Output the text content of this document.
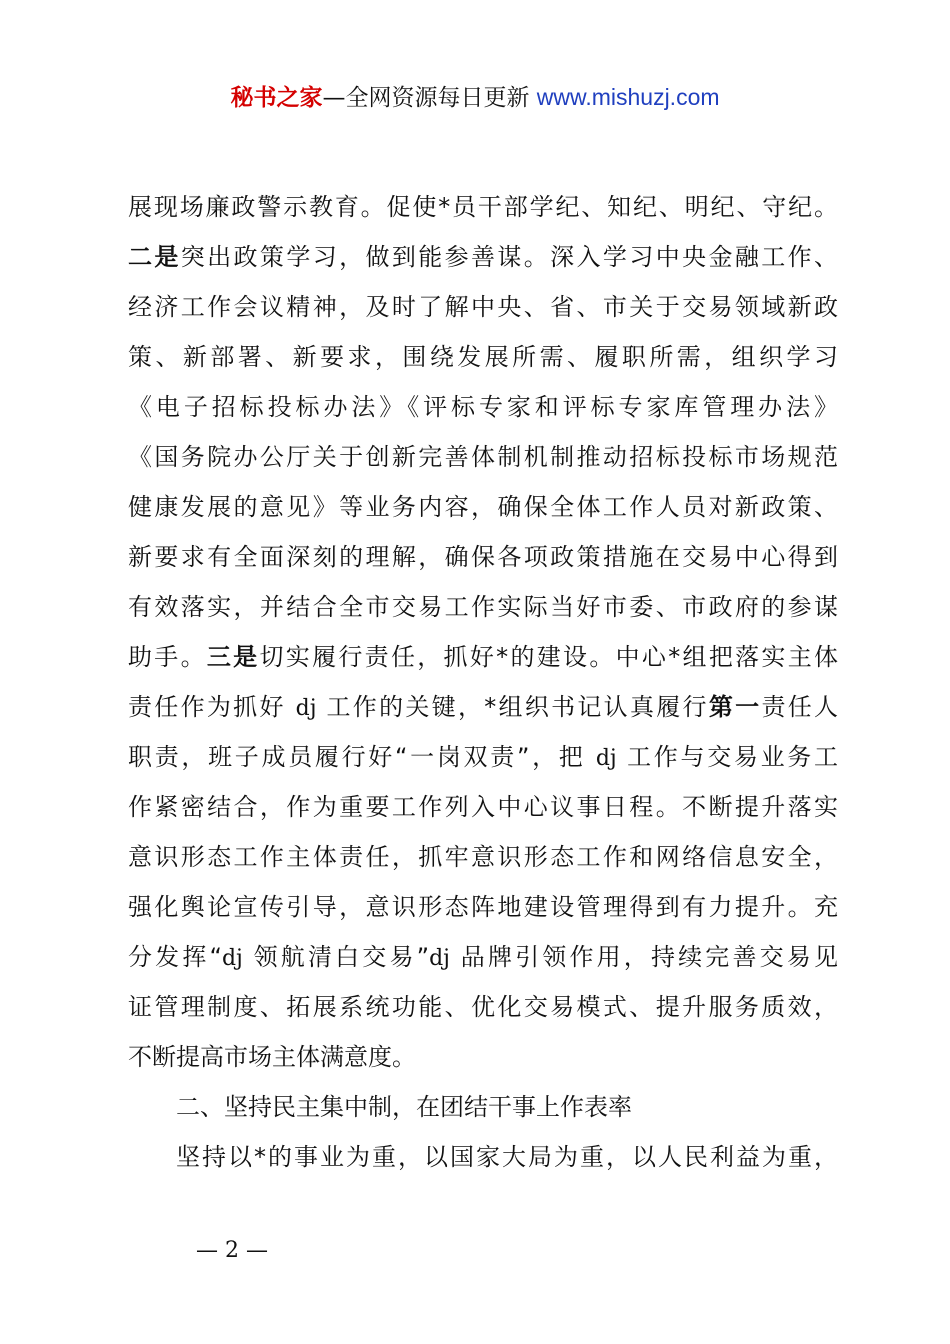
秘书之家—全网资源每日更新 www.mishuzj.com
展现场廉政警示教育。促使*员干部学纪、知纪、明纪、守纪。
二是突出政策学习，做到能参善谋。深入学习中央金融工作、
经济工作会议精神，及时了解中央、省、市关于交易领域新政
策、新部署、新要求，围绕发展所需、履职所需，组织学习
《电子招标投标办法》《评标专家和评标专家库管理办法》
《国务院办公厅关于创新完善体制机制推动招标投标市场规范
健康发展的意见》等业务内容，确保全体工作人员对新政策、
新要求有全面深刻的理解，确保各项政策措施在交易中心得到
有效落实，并结合全市交易工作实际当好市委、市政府的参谋
助手。三是切实履行责任，抓好*的建设。中心*组把落实主体
责任作为抓好 dj 工作的关键，*组织书记认真履行第一责任人
职责，班子成员履行好“一岗双责”，把 dj 工作与交易业务工
作紧密结合，作为重要工作列入中心议事日程。不断提升落实
意识形态工作主体责任，抓牢意识形态工作和网络信息安全，
强化舆论宣传引导，意识形态阵地建设管理得到有力提升。充
分发挥“dj 领航清白交易”dj 品牌引领作用，持续完善交易见
证管理制度、拓展系统功能、优化交易模式、提升服务质效，
不断提高市场主体满意度。
二、坚持民主集中制，在团结干事上作表率
坚持以*的事业为重，以国家大局为重，以人民利益为重，
— 2 —
